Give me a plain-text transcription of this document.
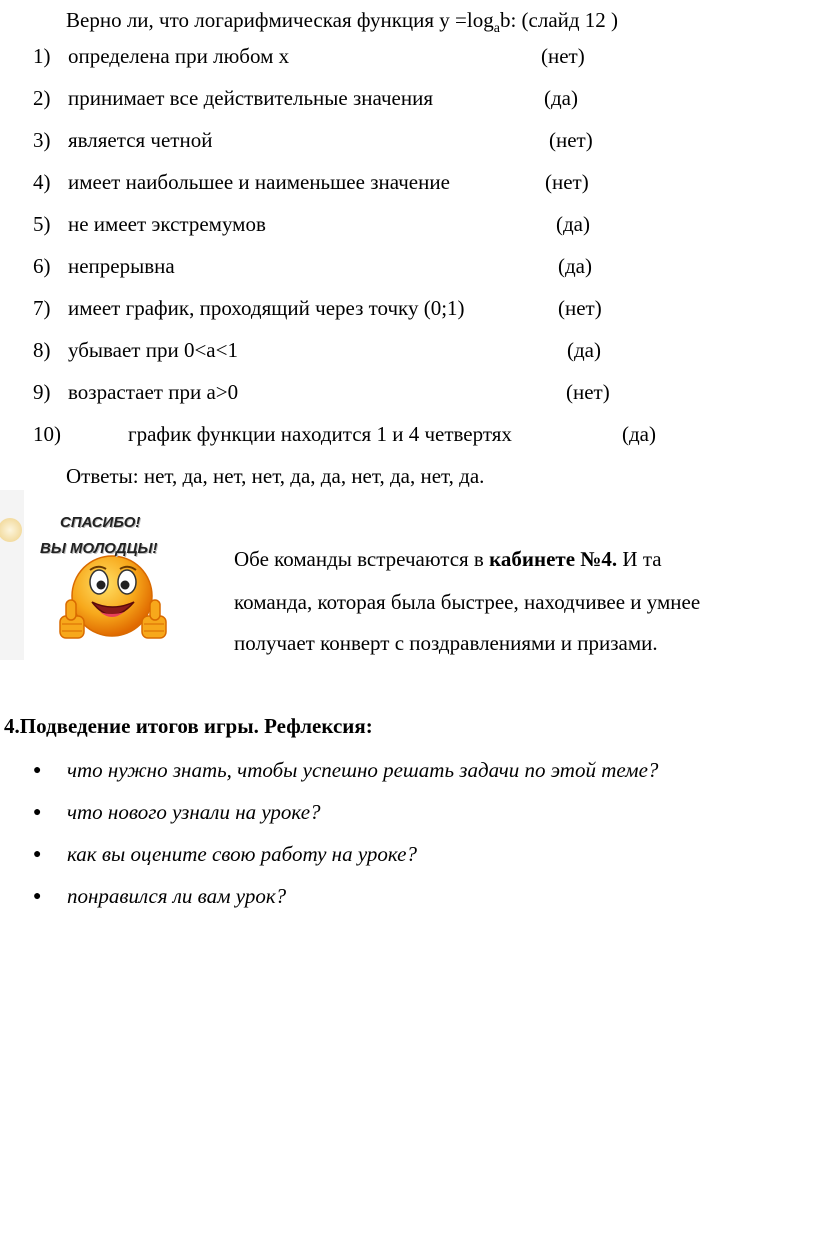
Верно ли, что логарифмическая функция $y =\log_ab$: (слайд 12 )
1) определена при любом х	(нет)
2) принимает все действительные значения	(да)
3) является четной	(нет)
4) имеет наибольшее и наименьшее значение	(нет)
5) не имеет экстремумов	(да)
6) непрерывна	(да)
7) имеет график, проходящий через точку (0;1)	(нет)
8) убывает при 0<a<1	(да)
9) возрастает при a>0	(нет)
10)	график функции находится 1 и 4 четвертях	(да)
Ответы: нет, да, нет, нет, да, да, нет, да, нет, да.
СПАСИБО!
ВЫ МОЛОДЦЫ!	Обе команды встречаются в кабинете №4. И та
команда, которая была быстрее, находчивее и умнее
получает конверт с поздравлениями и призами.
4.Подведение итогов игры. Рефлексия:
● что нужно знать, чтобы успешно решать задачи по этой теме?
● что нового узнали на уроке?
● как вы оцените свою работу на уроке?
● понравился ли вам урок?
